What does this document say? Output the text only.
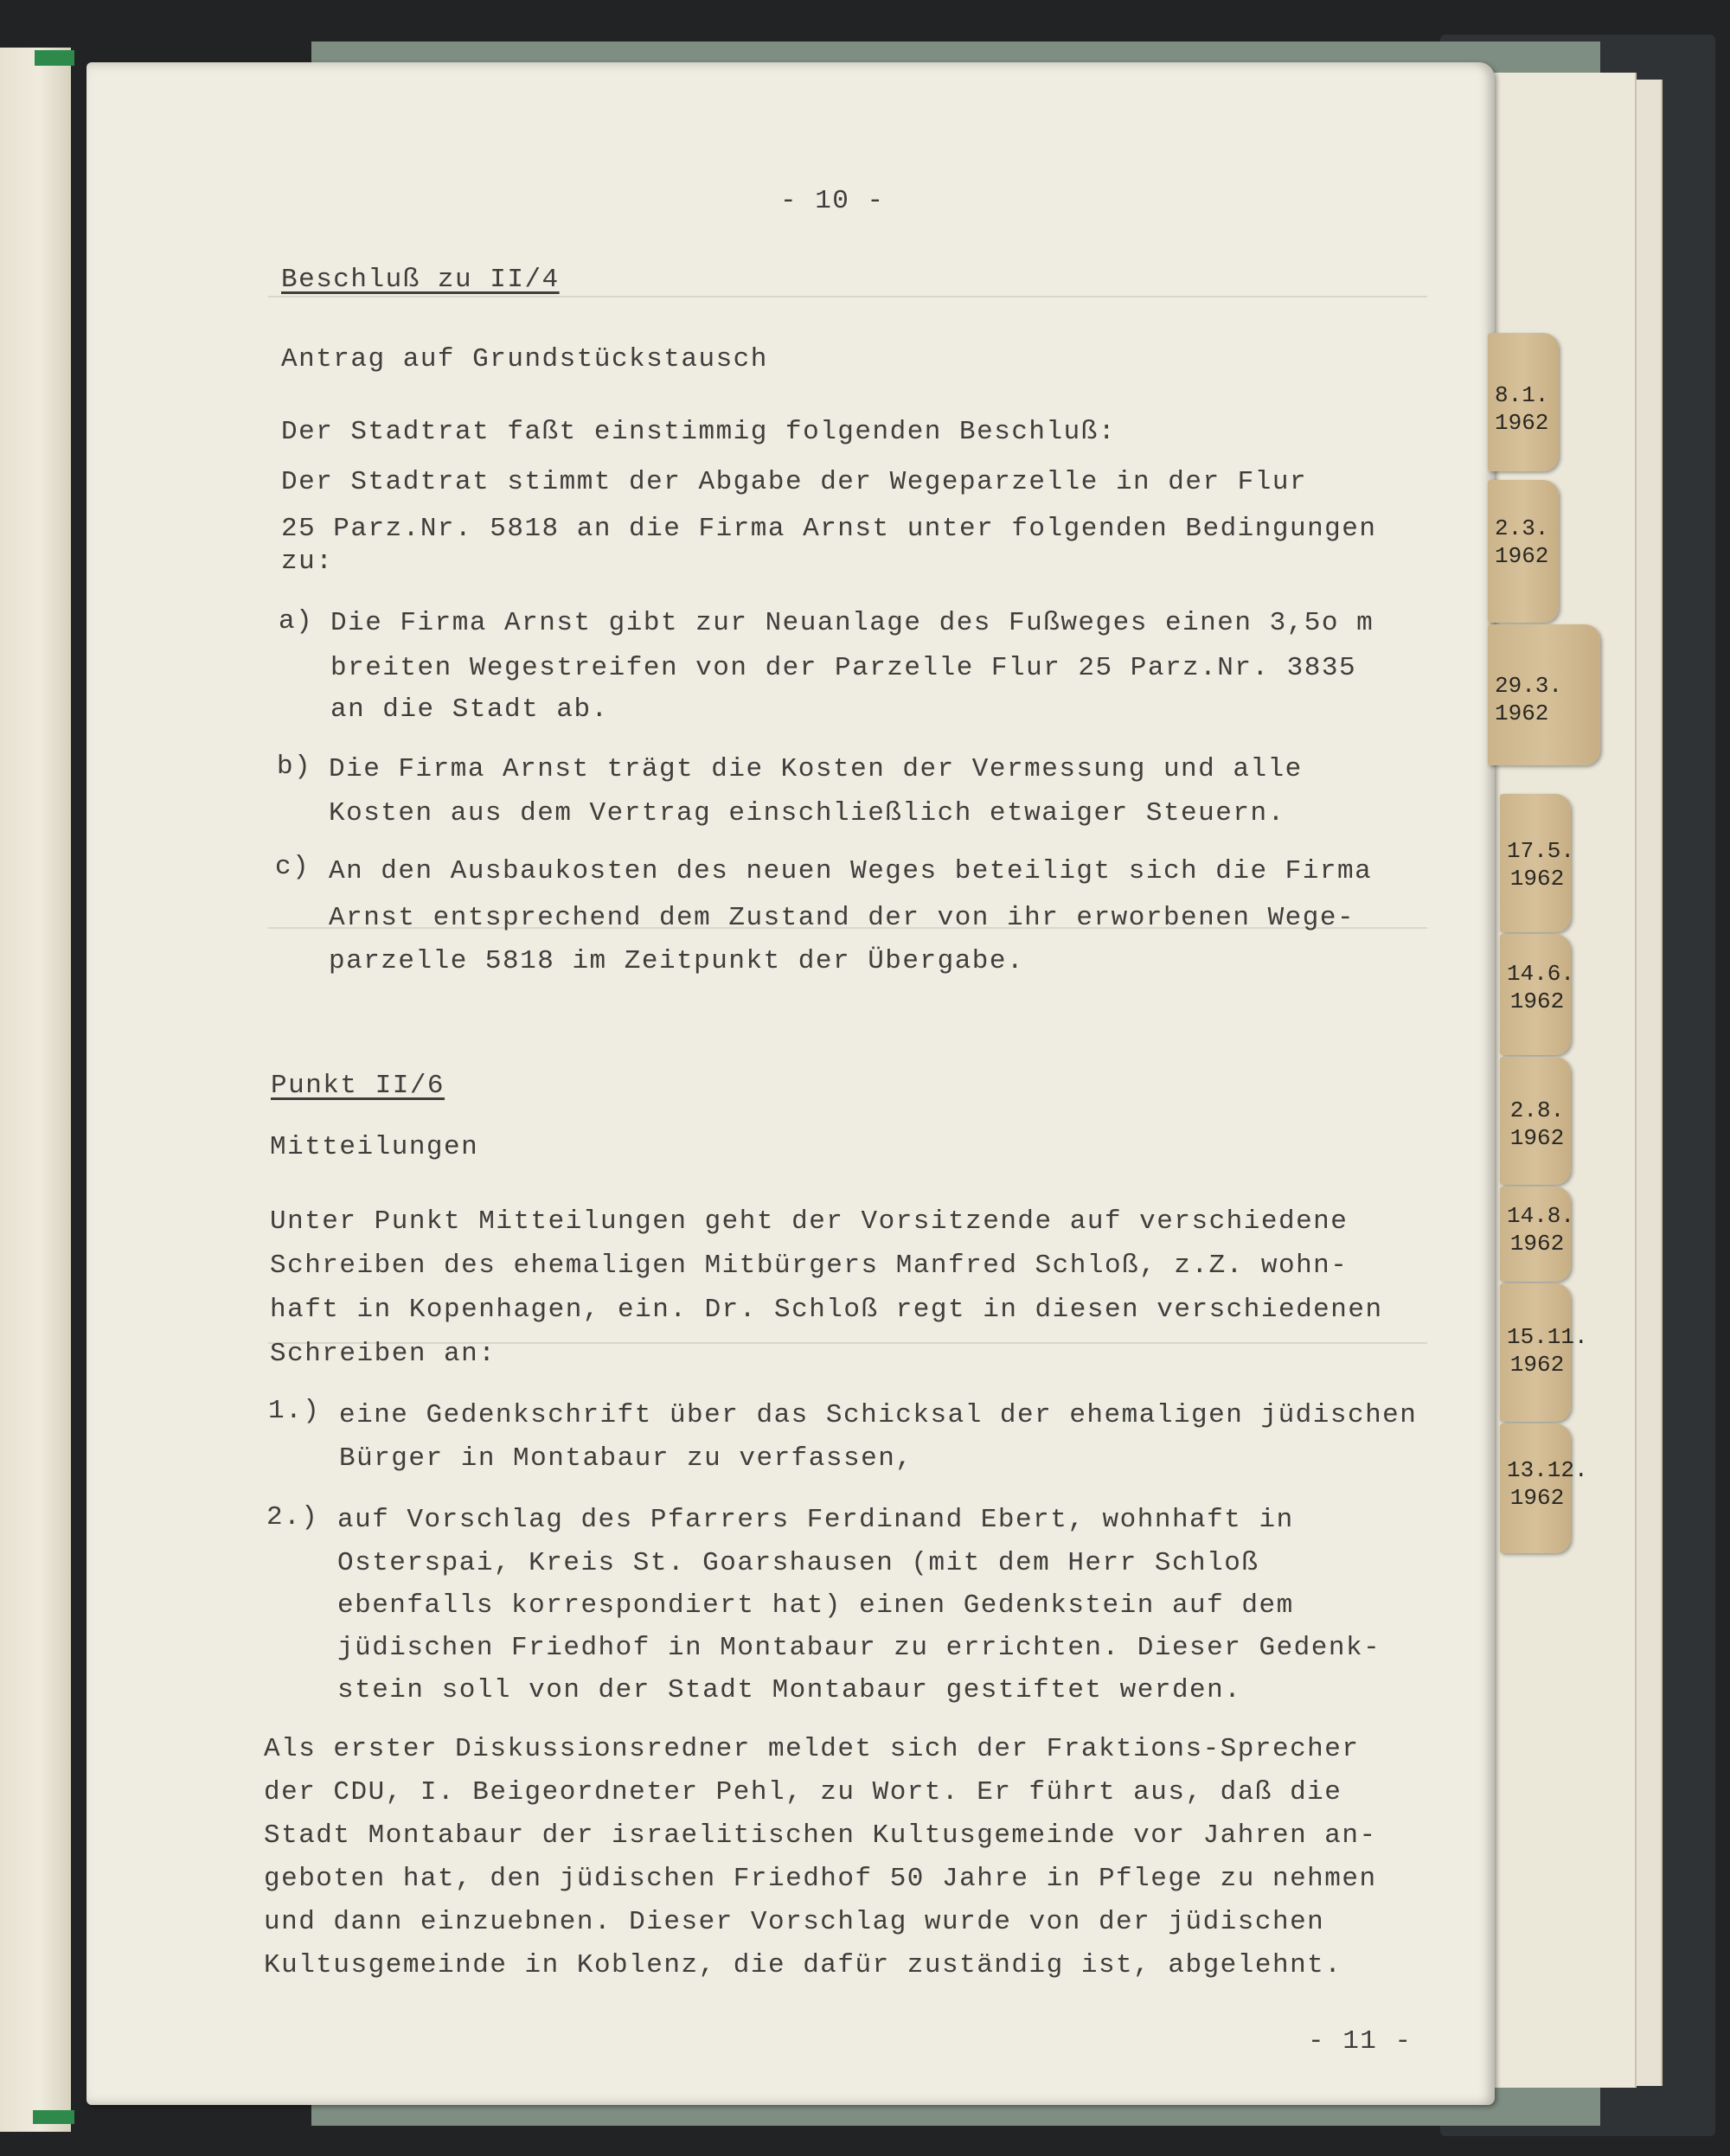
- 10 -
Beschluß zu II/4
Antrag auf Grundstückstausch
Der Stadtrat faßt einstimmig folgenden Beschluß:
Der Stadtrat stimmt der Abgabe der Wegeparzelle in der Flur
25 Parz.Nr. 5818 an die Firma Arnst unter folgenden Bedingungen
zu:
a) Die Firma Arnst gibt zur Neuanlage des Fußweges einen 3,5o m
breiten Wegestreifen von der Parzelle Flur 25 Parz.Nr. 3835
an die Stadt ab.
b) Die Firma Arnst trägt die Kosten der Vermessung und alle
Kosten aus dem Vertrag einschließlich etwaiger Steuern.
c) An den Ausbaukosten des neuen Weges beteiligt sich die Firma
Arnst entsprechend dem Zustand der von ihr erworbenen Wege-
parzelle 5818 im Zeitpunkt der Übergabe.
Punkt II/6
Mitteilungen
Unter Punkt Mitteilungen geht der Vorsitzende auf verschiedene
Schreiben des ehemaligen Mitbürgers Manfred Schloß, z.Z. wohn-
haft in Kopenhagen, ein. Dr. Schloß regt in diesen verschiedenen
Schreiben an:
1.) eine Gedenkschrift über das Schicksal der ehemaligen jüdischen
Bürger in Montabaur zu verfassen,
2.) auf Vorschlag des Pfarrers Ferdinand Ebert, wohnhaft in
Osterspai, Kreis St. Goarshausen (mit dem Herr Schloß
ebenfalls korrespondiert hat) einen Gedenkstein auf dem
jüdischen Friedhof in Montabaur zu errichten. Dieser Gedenk-
stein soll von der Stadt Montabaur gestiftet werden.
Als erster Diskussionsredner meldet sich der Fraktions-Sprecher
der CDU, I. Beigeordneter Pehl, zu Wort. Er führt aus, daß die
Stadt Montabaur der israelitischen Kultusgemeinde vor Jahren an-
geboten hat, den jüdischen Friedhof 50 Jahre in Pflege zu nehmen
und dann einzuebnen. Dieser Vorschlag wurde von der jüdischen
Kultusgemeinde in Koblenz, die dafür zuständig ist, abgelehnt.
- 11 -
8.1.
1962
2.3.
1962
29.3.
1962
17.5.
1962
14.6.
1962
2.8.
1962
14.8.
1962
15.11.
1962
13.12.
1962
